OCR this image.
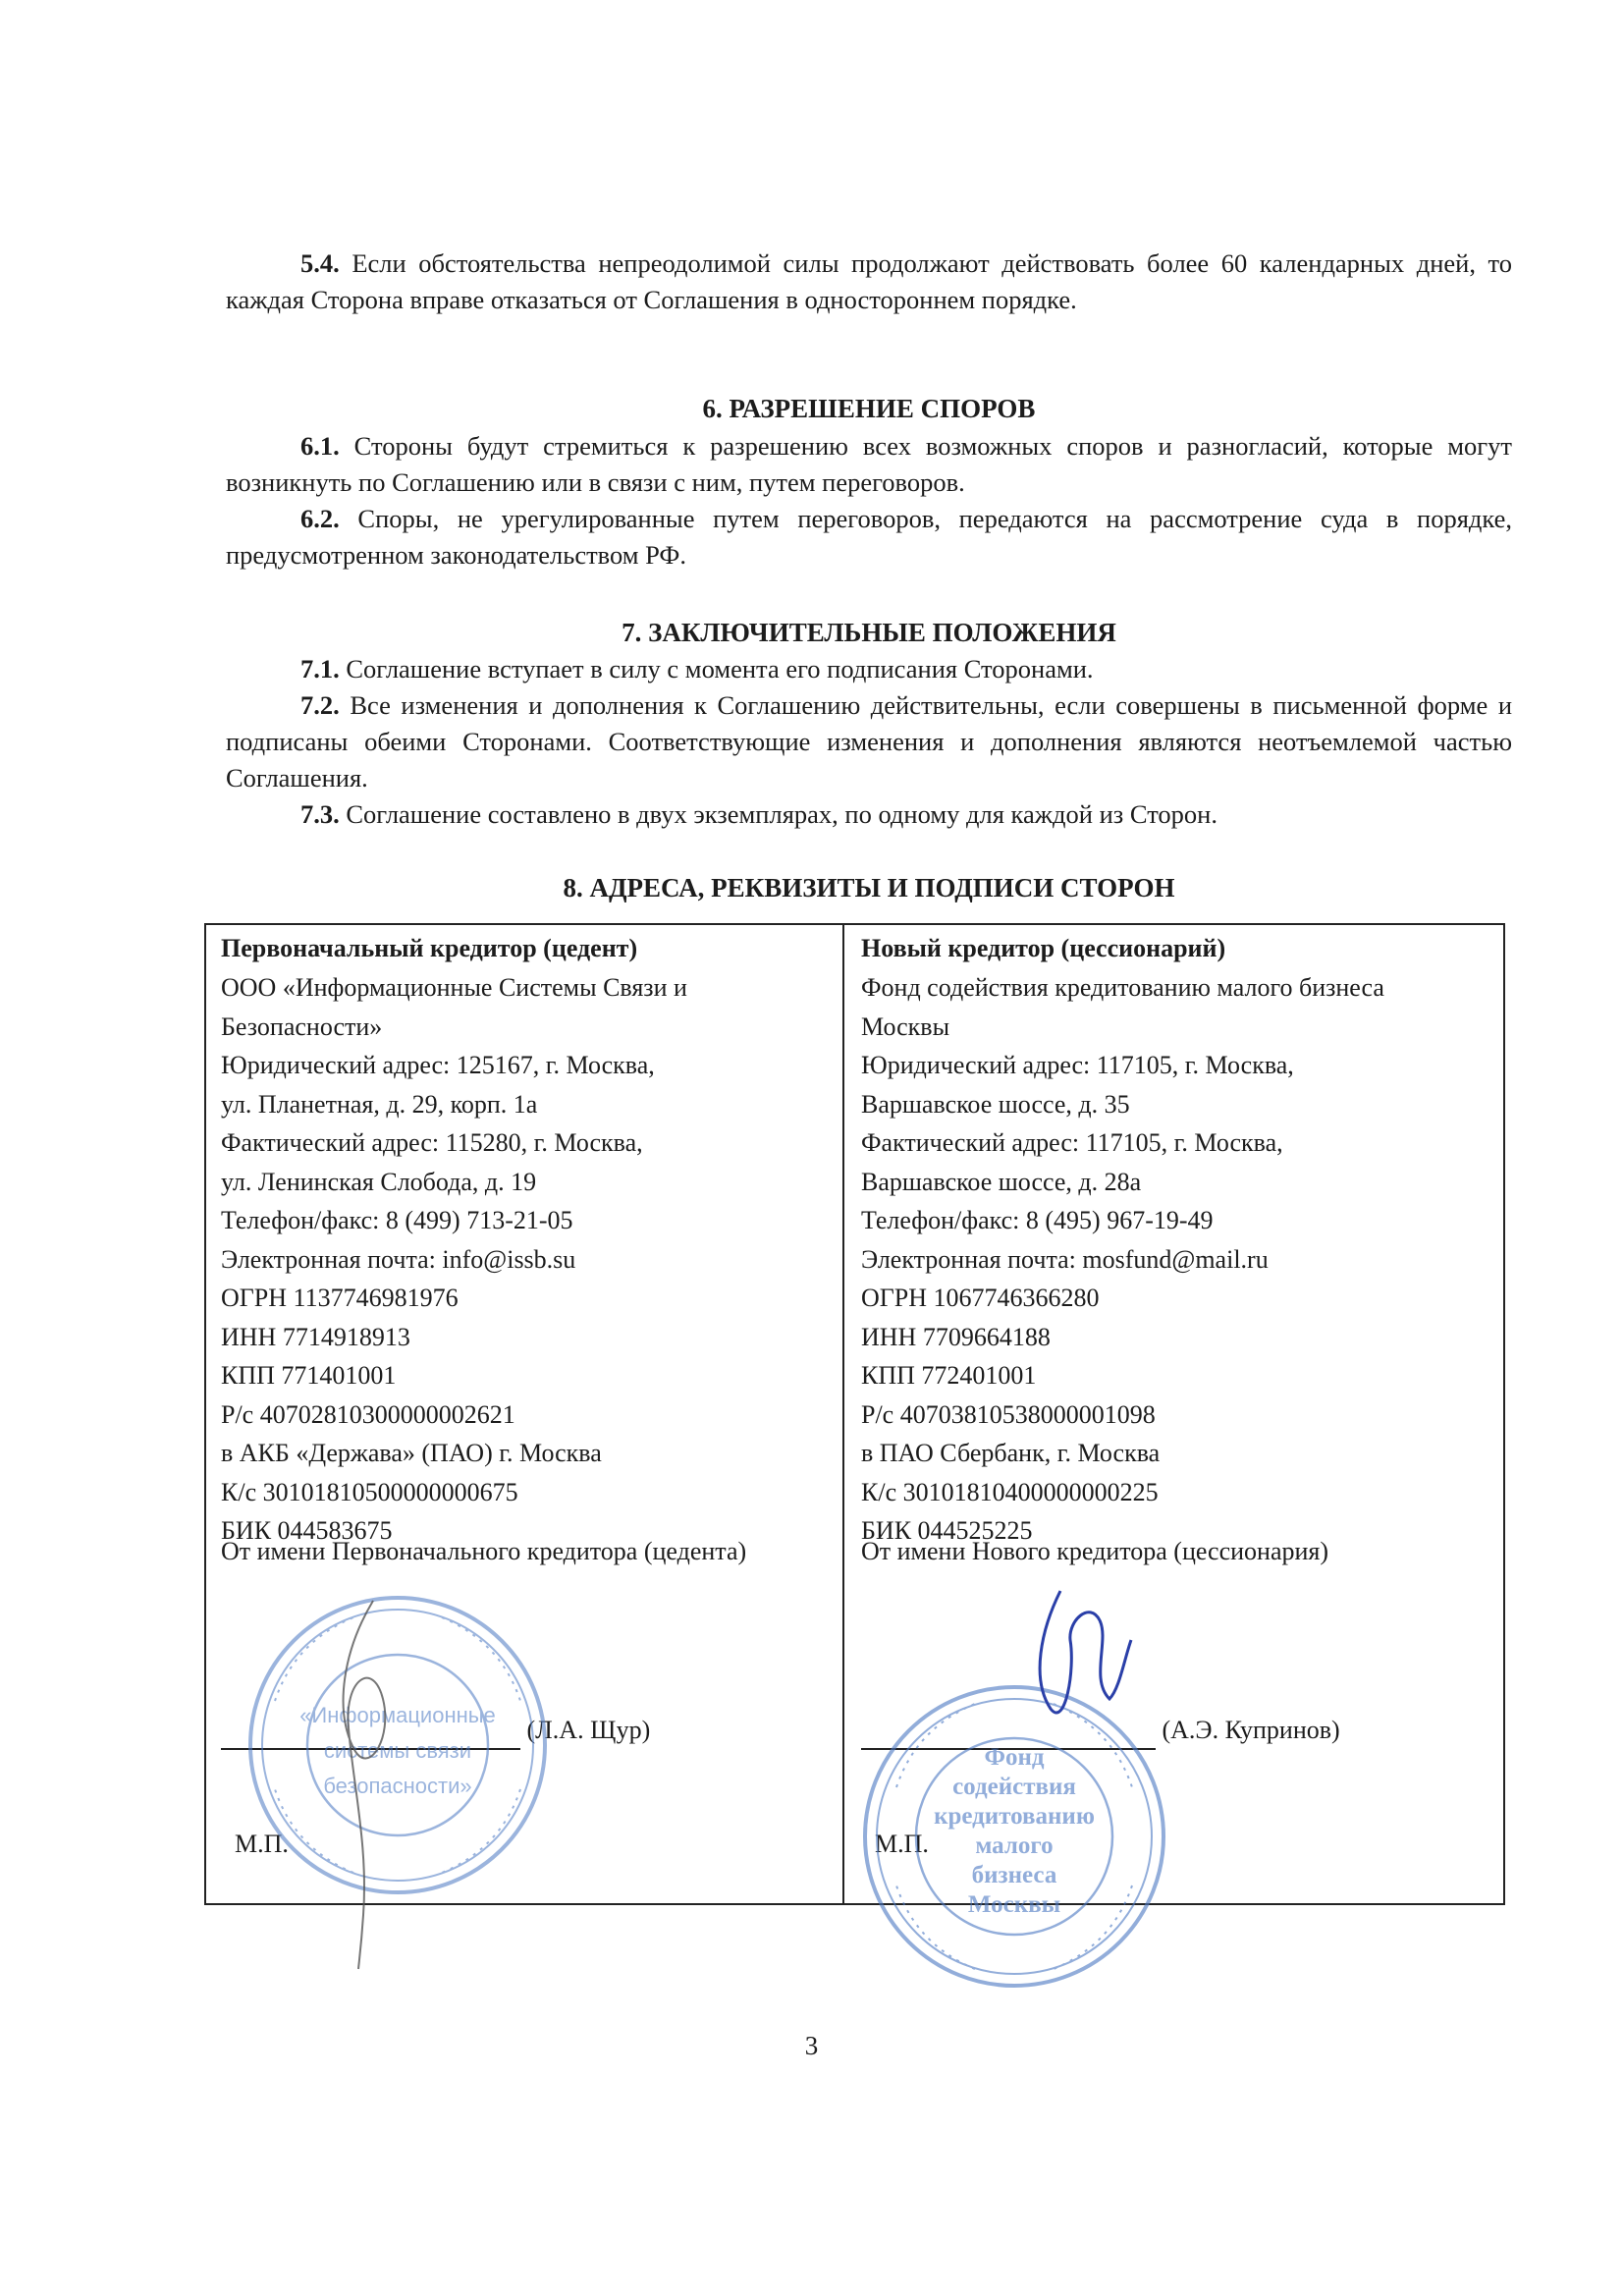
5.4. Если обстоятельства непреодолимой силы продолжают действовать более 60 календарных дней, то каждая Сторона вправе отказаться от Соглашения в одностороннем порядке.

6. РАЗРЕШЕНИЕ СПОРОВ

6.1. Стороны будут стремиться к разрешению всех возможных споров и разногласий, которые могут возникнуть по Соглашению или в связи с ним, путем переговоров.

6.2. Споры, не урегулированные путем переговоров, передаются на рассмотрение суда в порядке, предусмотренном законодательством РФ.

7. ЗАКЛЮЧИТЕЛЬНЫЕ ПОЛОЖЕНИЯ

7.1. Соглашение вступает в силу с момента его подписания Сторонами.

7.2. Все изменения и дополнения к Соглашению действительны, если совершены в письменной форме и подписаны обеими Сторонами. Соответствующие изменения и дополнения являются неотъемлемой частью Соглашения.

7.3. Соглашение составлено в двух экземплярах, по одному для каждой из Сторон.

8. АДРЕСА, РЕКВИЗИТЫ И ПОДПИСИ СТОРОН
Первоначальный кредитор (цедент)
ООО «Информационные Системы Связи и
Безопасности»
Юридический адрес: 125167, г. Москва,
ул. Планетная, д. 29, корп. 1а
Фактический адрес: 115280, г. Москва,
ул. Ленинская Слобода, д. 19
Телефон/факс: 8 (499) 713-21-05
Электронная почта: info@issb.su
ОГРН 1137746981976
ИНН 7714918913
КПП 771401001
Р/с 40702810300000002621
в АКБ «Держава» (ПАО) г. Москва
К/с 30101810500000000675
БИК 044583675
От имени Первоначального кредитора (цедента)
(Л.А. Щур)
М.П.
Новый кредитор (цессионарий)
Фонд содействия кредитованию малого бизнеса
Москвы
Юридический адрес: 117105, г. Москва,
Варшавское шоссе, д. 35
Фактический адрес: 117105, г. Москва,
Варшавское шоссе, д. 28а
Телефон/факс: 8 (495) 967-19-49
Электронная почта: mosfund@mail.ru
ОГРН 1067746366280
ИНН 7709664188
КПП 772401001
Р/с 40703810538000001098
в ПАО Сбербанк, г. Москва
К/с 30101810400000000225
БИК 044525225
От имени Нового кредитора (цессионария)
(А.Э. Купринов)
М.П.
«Информационные
системы связи
безопасности»
Фонд
содействия
кредитованию
малого
бизнеса
Москвы
3
